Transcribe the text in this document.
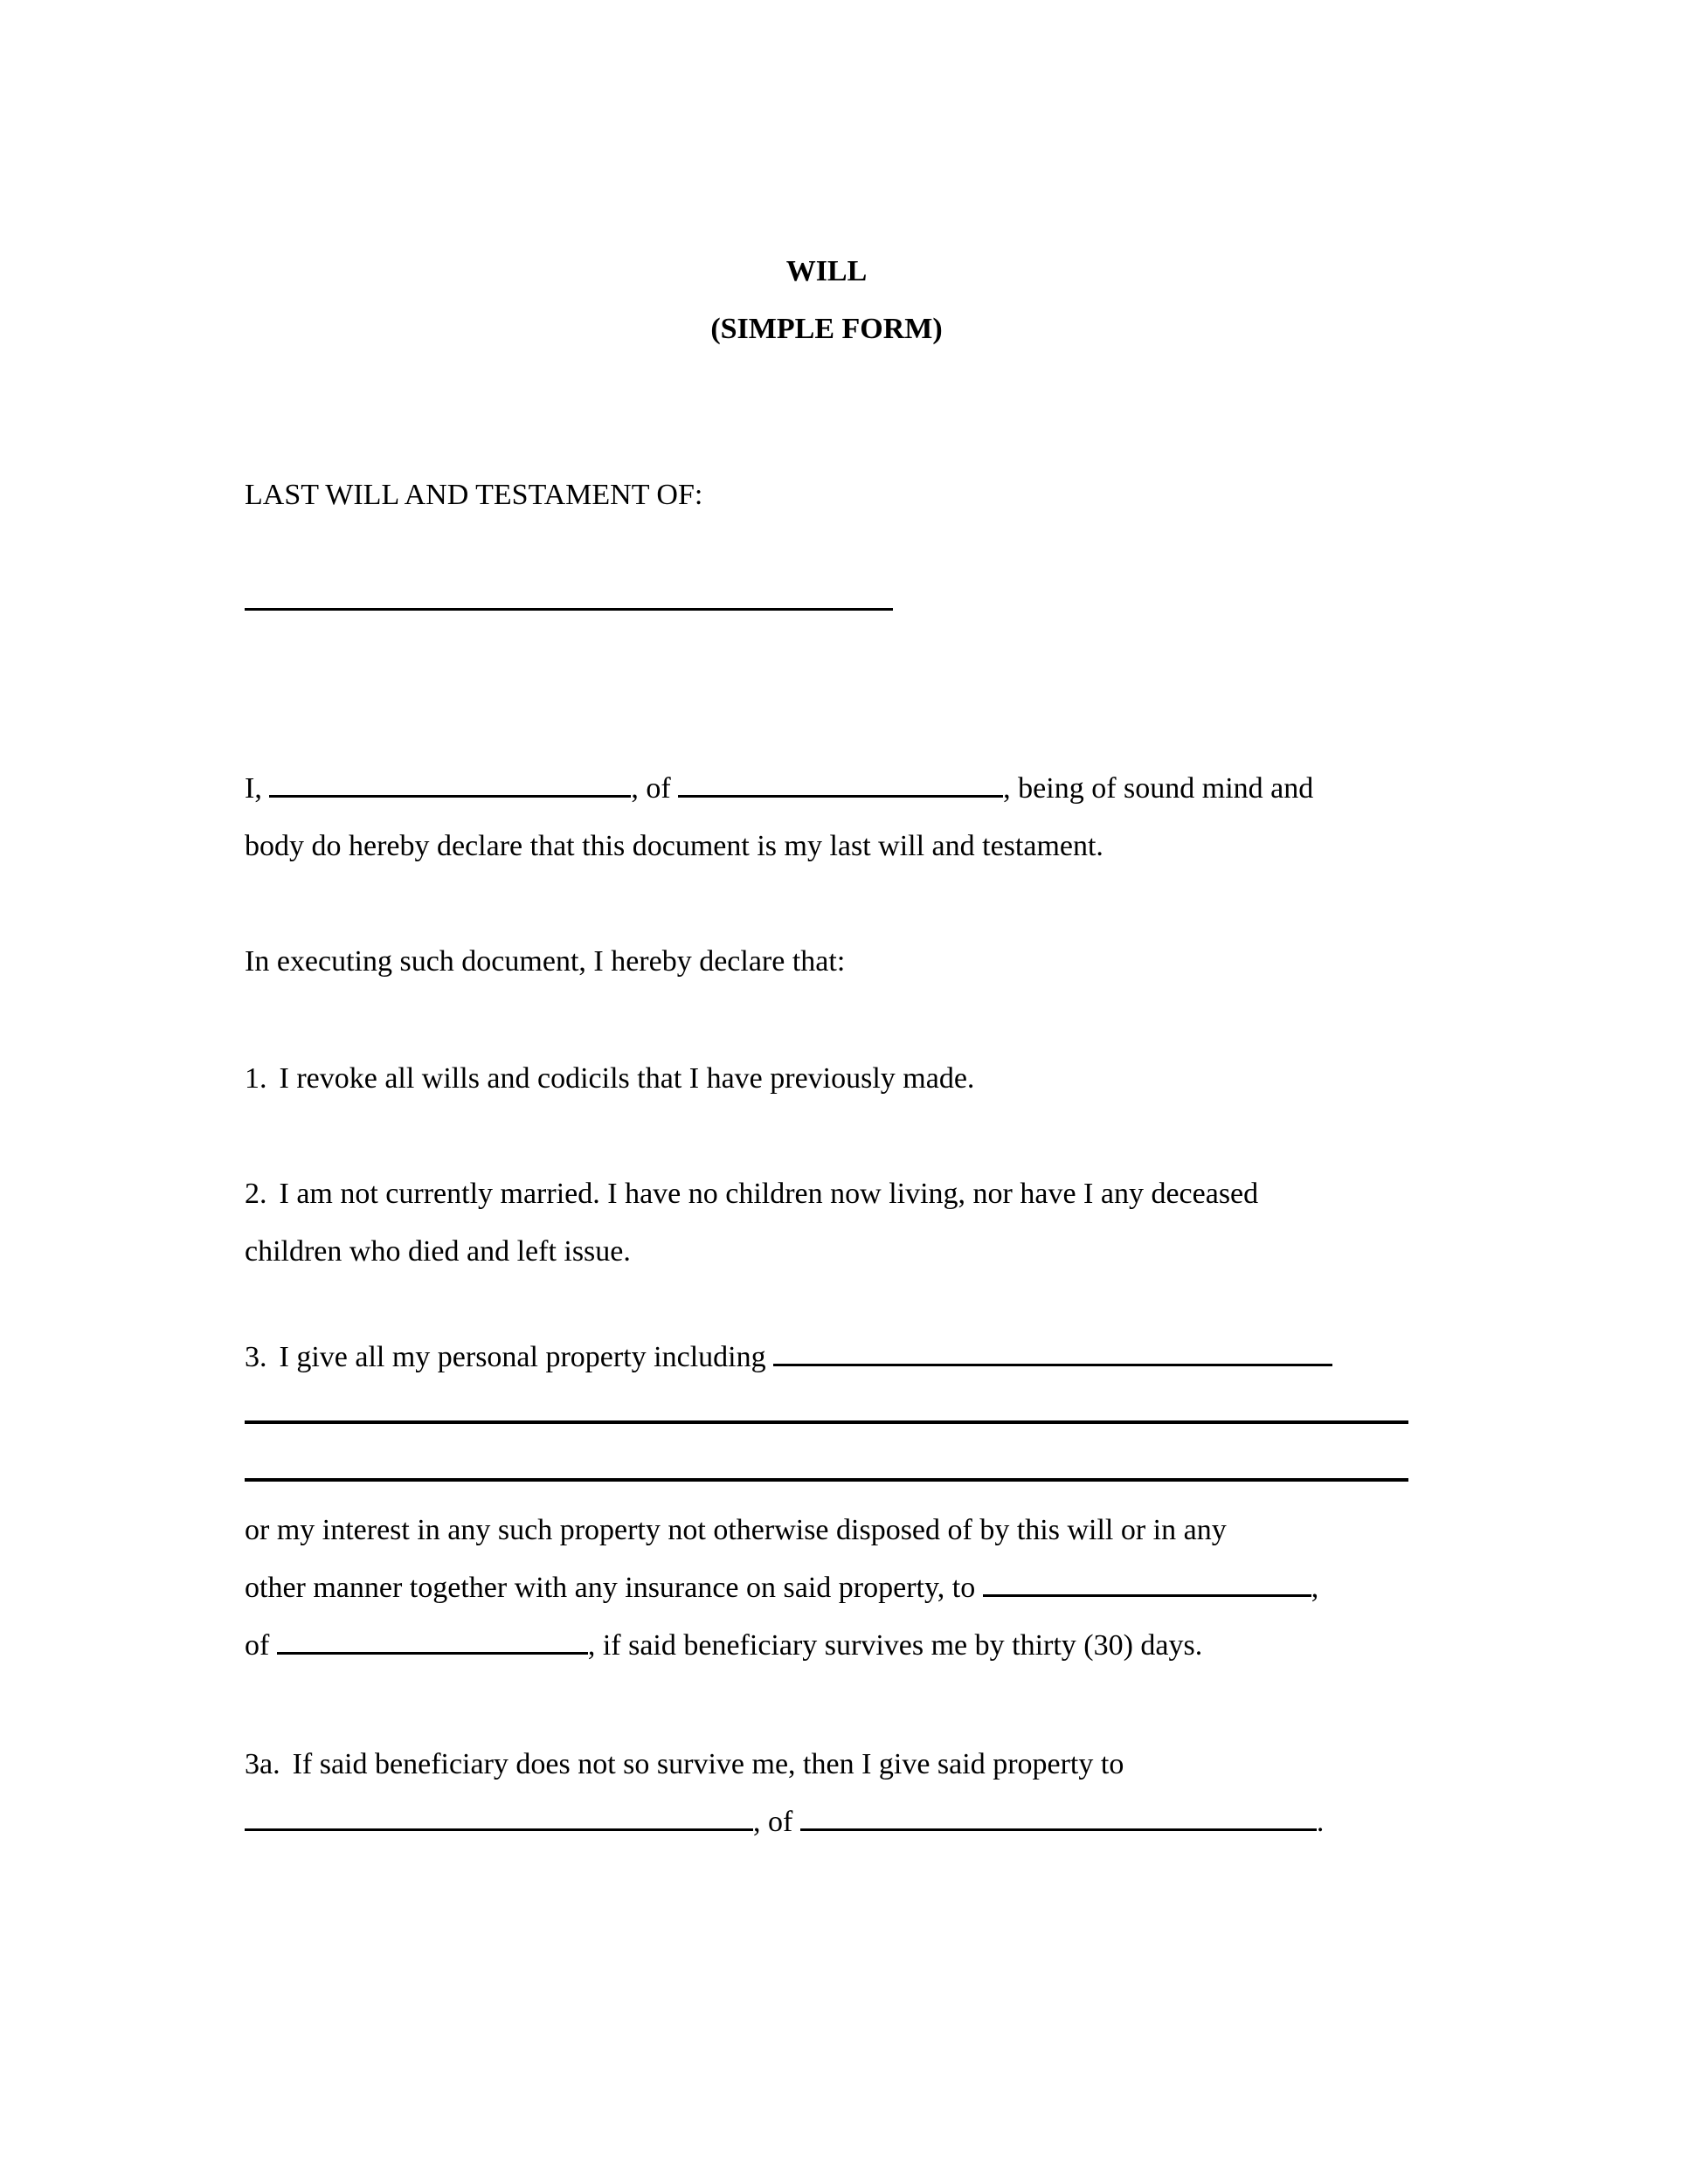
WILL
(SIMPLE FORM)
LAST WILL AND TESTAMENT OF:
I,	, of	, being of sound mind and
body do hereby declare that this document is my last will and testament.
In executing such document, I hereby declare that:
1. I revoke all wills and codicils that I have previously made.
2. I am not currently married. I have no children now living, nor have I any deceased
children who died and left issue.
3. I give all my personal property including
or my interest in any such property not otherwise disposed of by this will or in any
other manner together with any insurance on said property, to	,
of	, if said beneficiary survives me by thirty (30) days.
3a. If said beneficiary does not so survive me, then I give said property to
, of	.
